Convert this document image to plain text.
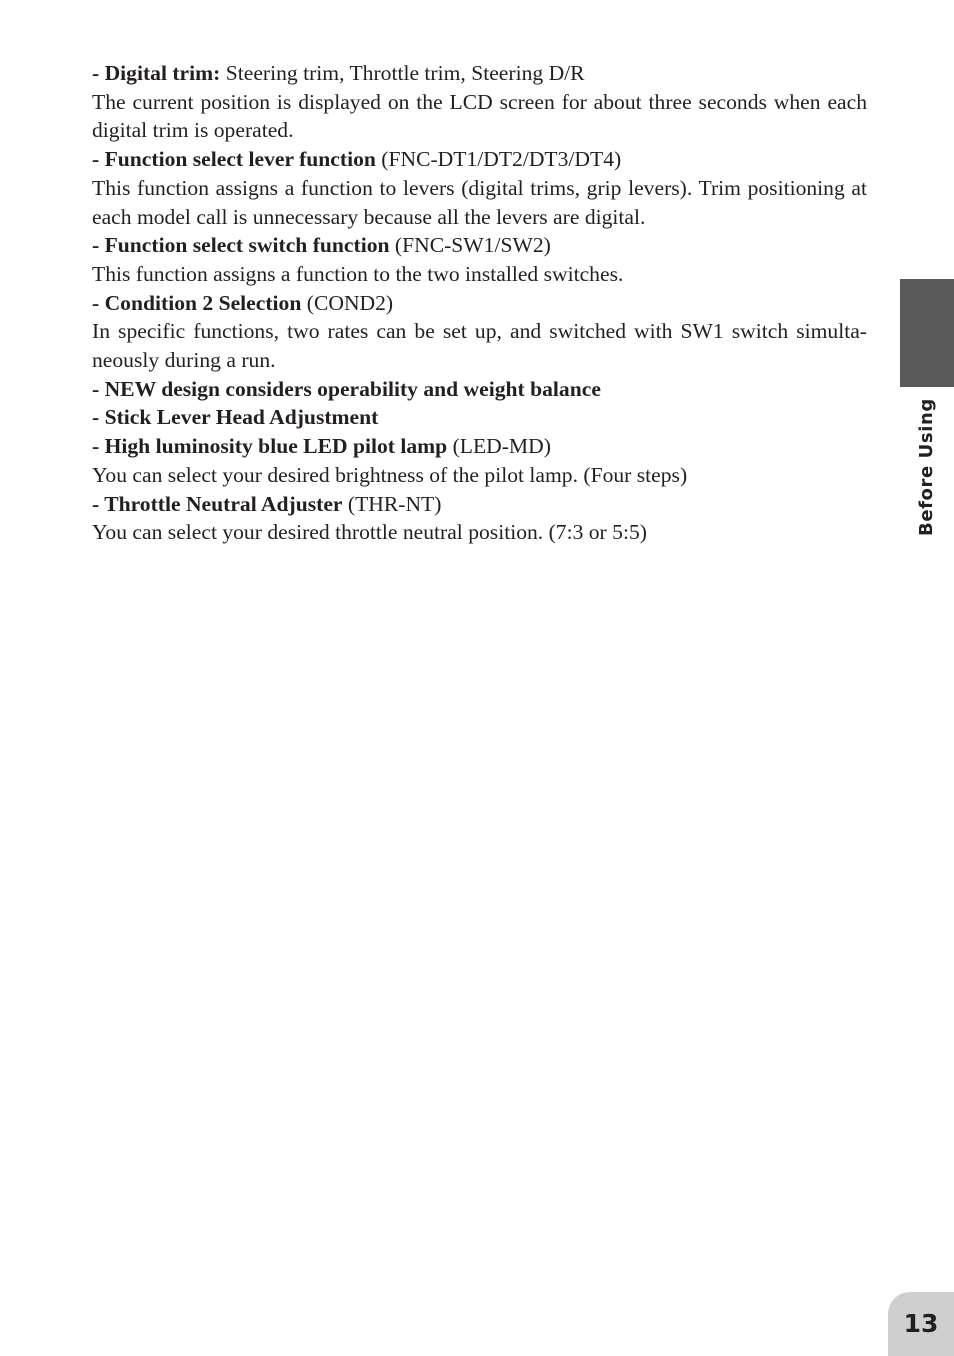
- Digital trim: Steering trim, Throttle trim, Steering D/R

The current position is displayed on the LCD screen for about three seconds when each digital trim is operated.

- Function select lever function (FNC-DT1/DT2/DT3/DT4)

This function assigns a function to levers (digital trims, grip levers). Trim positioning at each model call is unnecessary because all the levers are digital.

- Function select switch function (FNC-SW1/SW2)

This function assigns a function to the two installed switches.

- Condition 2 Selection (COND2)

In specific functions, two rates can be set up, and switched with SW1 switch simulta-neously during a run.

- NEW design considers operability and weight balance

- Stick Lever Head Adjustment

- High luminosity blue LED pilot lamp (LED-MD)

You can select your desired brightness of the pilot lamp. (Four steps)

- Throttle Neutral Adjuster (THR-NT)

You can select your desired throttle neutral position. (7:3 or 5:5)	Before Using
13
